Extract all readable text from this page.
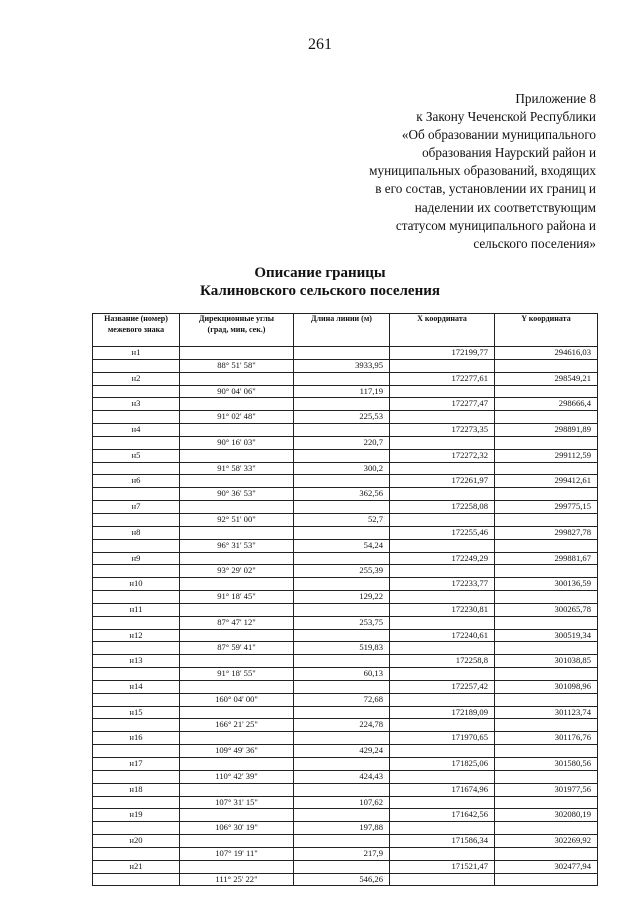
261
Приложение 8
к Закону Чеченской Республики
«Об образовании муниципального
образования Наурский район и
муниципальных образований, входящих
в его состав, установлении их границ и
наделении их соответствующим
статусом муниципального района и
сельского поселения»
Описание границы
Калиновского сельского поселения
Название (номер) межевого знака	Дирекционные углы (град, мин, сек.)	Длина линии (м)	X координата	Y координата
н1			172199,77	294616,03
	88° 51' 58"	3933,95		
н2			172277,61	298549,21
	90° 04' 06"	117,19		
н3			172277,47	298666,4
	91° 02' 48"	225,53		
н4			172273,35	298891,89
	90° 16' 03"	220,7		
н5			172272,32	299112,59
	91° 58' 33"	300,2		
н6			172261,97	299412,61
	90° 36' 53"	362,56		
н7			172258,08	299775,15
	92° 51' 00"	52,7		
н8			172255,46	299827,78
	96° 31' 53"	54,24		
н9			172249,29	299881,67
	93° 29' 02"	255,39		
н10			172233,77	300136,59
	91° 18' 45"	129,22		
н11			172230,81	300265,78
	87° 47' 12"	253,75		
н12			172240,61	300519,34
	87° 59' 41"	519,83		
н13			172258,8	301038,85
	91° 18' 55"	60,13		
н14			172257,42	301098,96
	160° 04' 00"	72,68		
н15			172189,09	301123,74
	166° 21' 25"	224,78		
н16			171970,65	301176,76
	109° 49' 36"	429,24		
н17			171825,06	301580,56
	110° 42' 39"	424,43		
н18			171674,96	301977,56
	107° 31' 15"	107,62		
н19			171642,56	302080,19
	106° 30' 19"	197,88		
н20			171586,34	302269,92
	107° 19' 11"	217,9		
н21			171521,47	302477,94
	111° 25' 22"	546,26		
